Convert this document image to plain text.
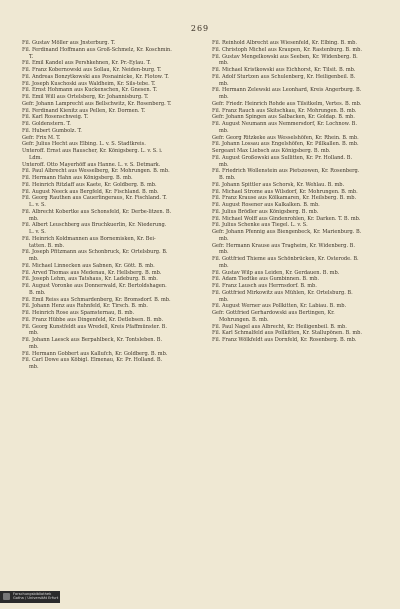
269

Fil. Gustav Möller aus Jnsterburg. T.

Fil. Ferdinand Hoffmann aus Groß-Schmelz, Kr. Koschmin. T.

Fil. Emil Kandel aus Pershkehnen, Kr. Pr.-Eylau. T.

Fil. Franz Kobernowski aus Sollau, Kr. Neiden-burg. T.

Fil. Andreas Bonzytkowski aus Posnainicke, Kr. Flotow. T.

Fil. Joseph Kuschoski aus Waldheim, Kr. Sils-tebe. T.

Fil. Ernst Hohmann aus Kuckenschen, Kr. Gnesen. T.

Fil. Emil Will aus Ortelsberg, Kr. Johannisburg. T.

Gefr. Johann Lamprecht aus Bellschwitz, Kr. Rosenberg. T.

Fil. Ferdinand Kienitz aus Pellen, Kr. Dormen. T.

Fil. Karl Rosenschweig. T.

Fil. Goldenstern. T.

Fil. Hubert Gumbolz. T.

Gefr. Frix M. T.

Gefr. Julius Hecht aus Elbing. L. v. S. Stadtkreis.

Unteroff. Ernst aus Rauscher, Kr. Königsberg. L. v. S. i. Ldm.

Unteroff. Otto Mayerhöff aus Hanne. L. v. S. Detmark.

Fil. Paul Albrecht aus Wesselberg, Kr. Mohrungen. B. mb.

Fil. Hermann Hahn aus Königsberg. B. mb.

Fil. Heinrich Ritzlaff aus Kaete, Kr. Goldberg. B. mb.

Fil. August Neeck aus Bergfeld, Kr. Fischland. B. mb.

Fil. Georg Rauthen aus Cauerlingeraus, Kr. Fischland. T. L. v. S.

Fil. Albrecht Kobertke aus Schonsfeld, Kr. Derbe-litzen. B. mb.

Fil. Albert Leuschberg aus Bruchkuerlin, Kr. Niederung. L. v. S.

Fil. Heinrich Koldmannen aus Bornemisken, Kr. Bei-tatten. B. mb.

Fil. Joseph Pfitzmann aus Schonbruck, Kr. Ortelsburg. B. mb.

Fil. Michael Linnecken aus Sabnen, Kr. Gött. B. mb.

Fil. Arved Thomas aus Medenau, Kr. Hellsberg. B. mb.

Fil. Joseph Lehm, aus Tatshaus, Kr. Ladeburg. B. mb.

Fil. August Voronke aus Donnerwald, Kr. Bertoldshagen. B. mb.

Fil. Emil Reiss aus Schmardenberg, Kr. Bromsdorf. B. mb.

Fil. Johann Henz aus Ruhnfeld, Kr. Tirsch. B. mb.

Fil. Heinrich Rose aus Spamsternau, B. mb.

Fil. Franz Hübbe aus Dingenfeld, Kr. Detlebsen. B. mb.

Fil. Georg Kunstfeldt aus Wredell, Kreis Pfaffmünster. B. mb.

Fil. Johann Laesck aus Berpahlbeck, Kr. Tontsleben. B. mb.

Fil. Hermann Gobbert aus Kallufch, Kr. Goldberg. B. mb.

Fil. Carl Dowe aus Köbigl. Elmenau, Kr. Pr. Holland. B. mb.

Fil. Reinhold Albrecht aus Wiesenfeld, Kr. Elbing. B. mb.

Fil. Christoph Michel aus Kraupen, Kr. Rastenburg. B. mb.

Fil. Gustav Mengelkowski aus Seeben, Kr. Widenberg. B. mb.

Fil. Michael Kristkowski aus Eichhorst, Kr. Tilsit. B. mb.

Fil. Adolf Sturtzen aus Schulenberg, Kr. Heiligenbeil. B. mb.

Fil. Hermann Zelewski aus Leonhard, Kreis Angerburg. B. mb.

Gefr. Friedr. Heinrich Rohde aus Tilsitkelm, Vertes. B. mb.

Fil. Franz Rauch aus Skitschkau, Kr. Mohrungen. B. mb.

Gefr. Johann Spingen aus Salbacken, Kr. Goldap. B. mb.

Fil. August Neumann aus Nemmersdorf, Kr. Lochnow. B. mb.

Gefr. Georg Ritzkeke aus Wesselshöfen, Kr. Rhein. B. mb.

Fil. Johann Lossau aus Engelshöfen, Kr. Pillkallen. B. mb.

Sergeant Max Liebsch aus Königsberg. B. mb.

Fil. August Großowski aus Sullitten, Kr. Pr. Holland. B. mb.

Fil. Friedrich Wollenstein aus Pietszowen, Kr. Rosenberg. B. mb.

Fil. Johann Spittler aus Schorsk, Kr. Wehlau. B. mb.

Fil. Michael Strome aus Wilsdorf, Kr. Mohrungen. B. mb.

Fil. Franz Krause aus Kölkamaren, Kr. Heilsberg. B. mb.

Fil. August Rosener aus Kalkalken. B. mb.

Fil. Julius Brödler aus Königsberg. B. mb.

Fil. Michael Wolff aus Gindenrohlen, Kr. Darken. T. B. mb.

Fil. Julius Schenke aus Tiegel. L. v. S.

Gefr. Johann Pfennig aus Biengenbeck, Kr. Marienburg. B. mb.

Gefr. Hermann Krause aus Tragheim, Kr. Widenberg. B. mb.

Fil. Gottfried Thieme aus Schönbrücken, Kr. Osterode. B. mb.

Fil. Gustav Wilp aus Leiden, Kr. Gerdauen. B. mb.

Fil. Adam Tiedtke aus Gumbinnen. B. mb.

Fil. Franz Lausch aus Herrnsdorf. B. mb.

Fil. Gottfried Mirkowitz aus Mühlen, Kr. Ortelsburg. B. mb.

Fil. August Werner aus Pollkitten, Kr. Labiau. B. mb.

Gefr. Gottfried Gerhardowski aus Bertingen, Kr. Mohrungen. B. mb.

Fil. Paul Nagel aus Albrecht, Kr. Heiligenbeil. B. mb.

Fil. Karl Schmalfeld aus Pollkitten, Kr. Stallupönen. B. mb.

Fil. Franz Wölkfeldt aus Dornfeld, Kr. Rosenberg. B. mb.

Forschungsbibliothek Gotha / Universität Erfurt
